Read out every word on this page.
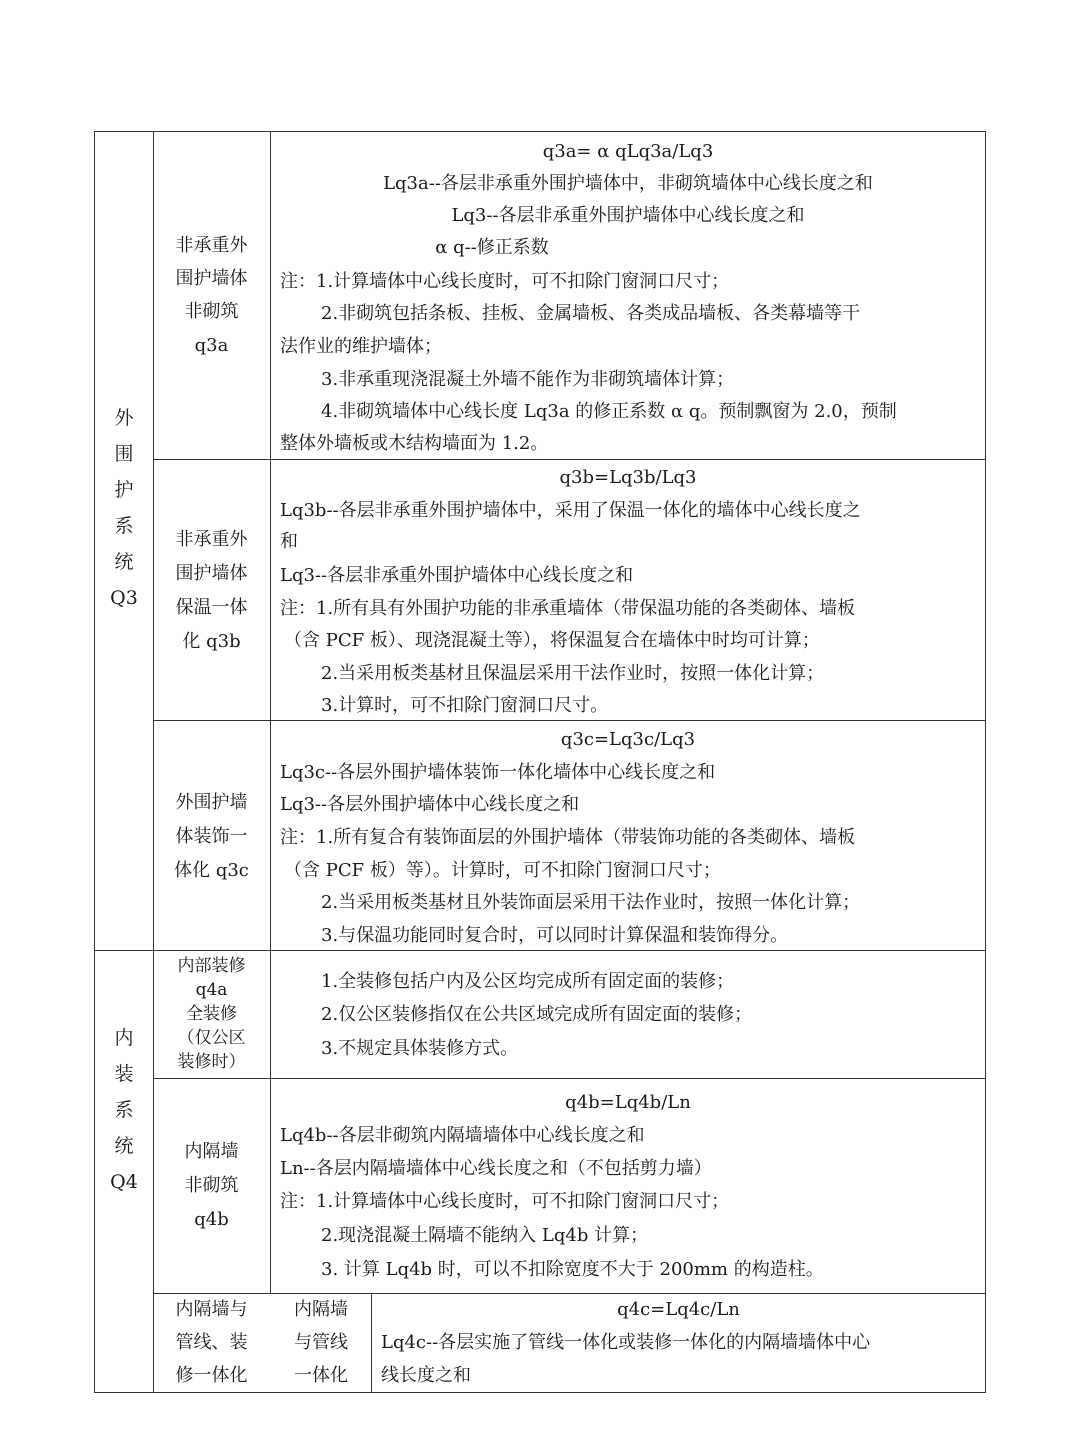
外
围
护
系
统
Q3
内
装
系
统
Q4
非承重外
围护墙体
非砌筑
q3a
q3a= α qLq3a/Lq3
Lq3a--各层非承重外围护墙体中，非砌筑墙体中心线长度之和
Lq3--各层非承重外围护墙体中心线长度之和
α q--修正系数
注：1.计算墙体中心线长度时，可不扣除门窗洞口尺寸；
2.非砌筑包括条板、挂板、金属墙板、各类成品墙板、各类幕墙等干
法作业的维护墙体；
3.非承重现浇混凝土外墙不能作为非砌筑墙体计算；
4.非砌筑墙体中心线长度 Lq3a 的修正系数 α q。预制飘窗为 2.0，预制
整体外墙板或木结构墙面为 1.2。
非承重外
围护墙体
保温一体
化 q3b
q3b=Lq3b/Lq3
Lq3b--各层非承重外围护墙体中，采用了保温一体化的墙体中心线长度之
和
Lq3--各层非承重外围护墙体中心线长度之和
注：1.所有具有外围护功能的非承重墙体（带保温功能的各类砌体、墙板
（含 PCF 板）、现浇混凝土等），将保温复合在墙体中时均可计算；
2.当采用板类基材且保温层采用干法作业时，按照一体化计算；
3.计算时，可不扣除门窗洞口尺寸。
外围护墙
体装饰一
体化 q3c
q3c=Lq3c/Lq3
Lq3c--各层外围护墙体装饰一体化墙体中心线长度之和
Lq3--各层外围护墙体中心线长度之和
注：1.所有复合有装饰面层的外围护墙体（带装饰功能的各类砌体、墙板
（含 PCF 板）等）。计算时，可不扣除门窗洞口尺寸；
2.当采用板类基材且外装饰面层采用干法作业时，按照一体化计算；
3.与保温功能同时复合时，可以同时计算保温和装饰得分。
内部装修
q4a
全装修
（仅公区
装修时）
1.全装修包括户内及公区均完成所有固定面的装修；
2.仅公区装修指仅在公共区域完成所有固定面的装修；
3.不规定具体装修方式。
内隔墙
非砌筑
q4b
q4b=Lq4b/Ln
Lq4b--各层非砌筑内隔墙墙体中心线长度之和
Ln--各层内隔墙墙体中心线长度之和（不包括剪力墙）
注：1.计算墙体中心线长度时，可不扣除门窗洞口尺寸；
2.现浇混凝土隔墙不能纳入 Lq4b 计算；
3. 计算 Lq4b 时，可以不扣除宽度不大于 200mm 的构造柱。
内隔墙与
管线、装
修一体化
内隔墙
与管线
一体化
q4c=Lq4c/Ln
Lq4c--各层实施了管线一体化或装修一体化的内隔墙墙体中心
线长度之和
